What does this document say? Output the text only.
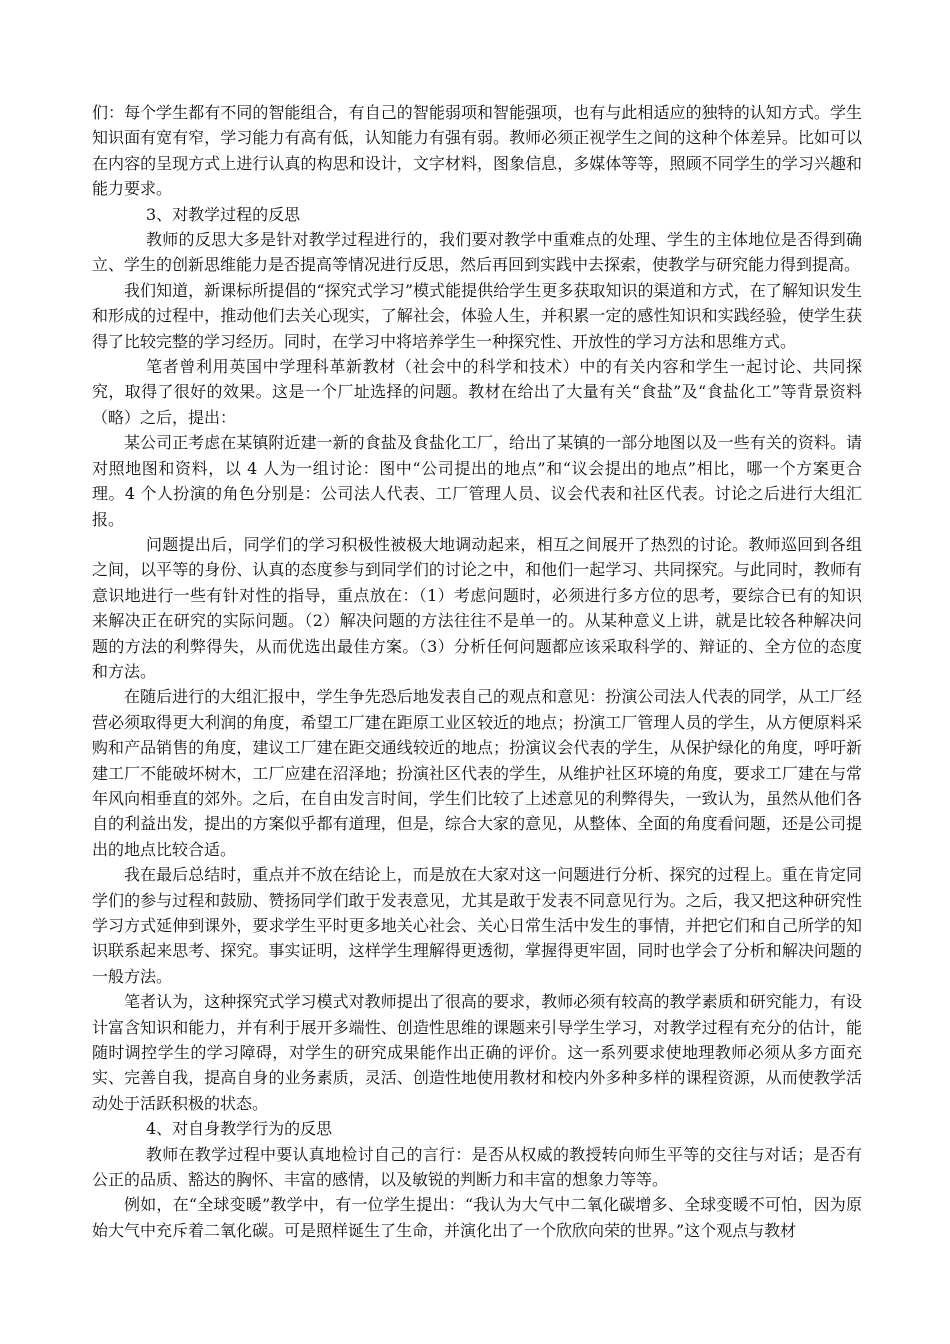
们：每个学生都有不同的智能组合，有自己的智能弱项和智能强项，也有与此相适应的独特的认知方式。学生知识面有宽有窄，学习能力有高有低，认知能力有强有弱。教师必须正视学生之间的这种个体差异。比如可以在内容的呈现方式上进行认真的构思和设计，文字材料，图象信息，多媒体等等，照顾不同学生的学习兴趣和能力要求。

3、对教学过程的反思

教师的反思大多是针对教学过程进行的，我们要对教学中重难点的处理、学生的主体地位是否得到确立、学生的创新思维能力是否提高等情况进行反思，然后再回到实践中去探索，使教学与研究能力得到提高。

我们知道，新课标所提倡的“探究式学习”模式能提供给学生更多获取知识的渠道和方式，在了解知识发生和形成的过程中，推动他们去关心现实，了解社会，体验人生，并积累一定的感性知识和实践经验，使学生获得了比较完整的学习经历。同时，在学习中将培养学生一种探究性、开放性的学习方法和思维方式。

笔者曾利用英国中学理科革新教材（社会中的科学和技术）中的有关内容和学生一起讨论、共同探究，取得了很好的效果。这是一个厂址选择的问题。教材在给出了大量有关“食盐”及“食盐化工”等背景资料（略）之后，提出：

某公司正考虑在某镇附近建一新的食盐及食盐化工厂，给出了某镇的一部分地图以及一些有关的资料。请对照地图和资料，以 4 人为一组讨论：图中“公司提出的地点”和“议会提出的地点”相比，哪一个方案更合理。4 个人扮演的角色分别是：公司法人代表、工厂管理人员、议会代表和社区代表。讨论之后进行大组汇报。

问题提出后，同学们的学习积极性被极大地调动起来，相互之间展开了热烈的讨论。教师巡回到各组之间，以平等的身份、认真的态度参与到同学们的讨论之中，和他们一起学习、共同探究。与此同时，教师有意识地进行一些有针对性的指导，重点放在：（1）考虑问题时，必须进行多方位的思考，要综合已有的知识来解决正在研究的实际问题。（2）解决问题的方法往往不是单一的。从某种意义上讲，就是比较各种解决问题的方法的利弊得失，从而优选出最佳方案。（3）分析任何问题都应该采取科学的、辩证的、全方位的态度和方法。

在随后进行的大组汇报中，学生争先恐后地发表自己的观点和意见：扮演公司法人代表的同学，从工厂经营必须取得更大利润的角度，希望工厂建在距原工业区较近的地点；扮演工厂管理人员的学生，从方便原料采购和产品销售的角度，建议工厂建在距交通线较近的地点；扮演议会代表的学生，从保护绿化的角度，呼吁新建工厂不能破坏树木，工厂应建在沼泽地；扮演社区代表的学生，从维护社区环境的角度，要求工厂建在与常年风向相垂直的郊外。之后，在自由发言时间，学生们比较了上述意见的利弊得失，一致认为，虽然从他们各自的利益出发，提出的方案似乎都有道理，但是，综合大家的意见，从整体、全面的角度看问题，还是公司提出的地点比较合适。

我在最后总结时，重点并不放在结论上，而是放在大家对这一问题进行分析、探究的过程上。重在肯定同学们的参与过程和鼓励、赞扬同学们敢于发表意见，尤其是敢于发表不同意见行为。之后，我又把这种研究性学习方式延伸到课外，要求学生平时更多地关心社会、关心日常生活中发生的事情，并把它们和自己所学的知识联系起来思考、探究。事实证明，这样学生理解得更透彻，掌握得更牢固，同时也学会了分析和解决问题的一般方法。

笔者认为，这种探究式学习模式对教师提出了很高的要求，教师必须有较高的教学素质和研究能力，有设计富含知识和能力，并有利于展开多端性、创造性思维的课题来引导学生学习，对教学过程有充分的估计，能随时调控学生的学习障碍，对学生的研究成果能作出正确的评价。这一系列要求使地理教师必须从多方面充实、完善自我，提高自身的业务素质，灵活、创造性地使用教材和校内外多种多样的课程资源，从而使教学活动处于活跃积极的状态。

4、对自身教学行为的反思

教师在教学过程中要认真地检讨自己的言行：是否从权威的教授转向师生平等的交往与对话；是否有公正的品质、豁达的胸怀、丰富的感情，以及敏锐的判断力和丰富的想象力等等。

例如，在“全球变暖”教学中，有一位学生提出：“我认为大气中二氧化碳增多、全球变暖不可怕，因为原始大气中充斥着二氧化碳。可是照样诞生了生命，并演化出了一个欣欣向荣的世界。”这个观点与教材
